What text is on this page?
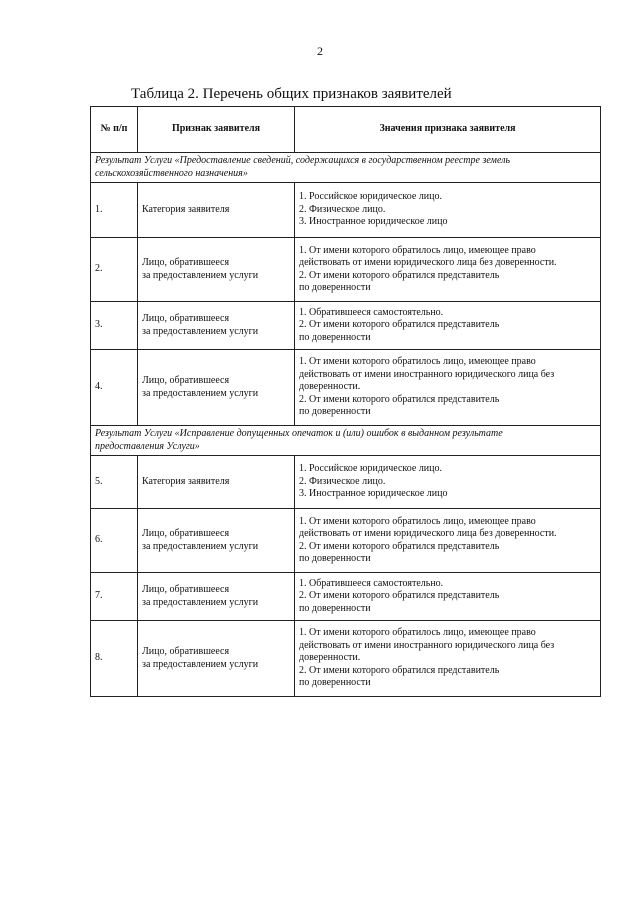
2
Таблица 2. Перечень общих признаков заявителей
№ п/п	Признак заявителя	Значения признака заявителя

Результат Услуги «Предоставление сведений, содержащихся в государственном реестре земель
сельскохозяйственного назначения»		

1.	Категория заявителя	1. Российское юридическое лицо.
2. Физическое лицо.
3. Иностранное юридическое лицо

2.	Лицо, обратившееся
за предоставлением услуги	1. От имени которого обратилось лицо, имеющее право
действовать от имени юридического лица без доверенности.
2. От имени которого обратился представитель
по доверенности

3.	Лицо, обратившееся
за предоставлением услуги	1. Обратившееся самостоятельно.
2. От имени которого обратился представитель
по доверенности

4.	Лицо, обратившееся
за предоставлением услуги	1. От имени которого обратилось лицо, имеющее право
действовать от имени иностранного юридического лица без
доверенности.
2. От имени которого обратился представитель
по доверенности

Результат Услуги «Исправление допущенных опечаток и (или) ошибок в выданном результате
предоставления Услуги»		

5.	Категория заявителя	1. Российское юридическое лицо.
2. Физическое лицо.
3. Иностранное юридическое лицо

6.	Лицо, обратившееся
за предоставлением услуги	1. От имени которого обратилось лицо, имеющее право
действовать от имени юридического лица без доверенности.
2. От имени которого обратился представитель
по доверенности

7.	Лицо, обратившееся
за предоставлением услуги	1. Обратившееся самостоятельно.
2. От имени которого обратился представитель
по доверенности

8.	Лицо, обратившееся
за предоставлением услуги	1. От имени которого обратилось лицо, имеющее право
действовать от имени иностранного юридического лица без
доверенности.
2. От имени которого обратился представитель
по доверенности
